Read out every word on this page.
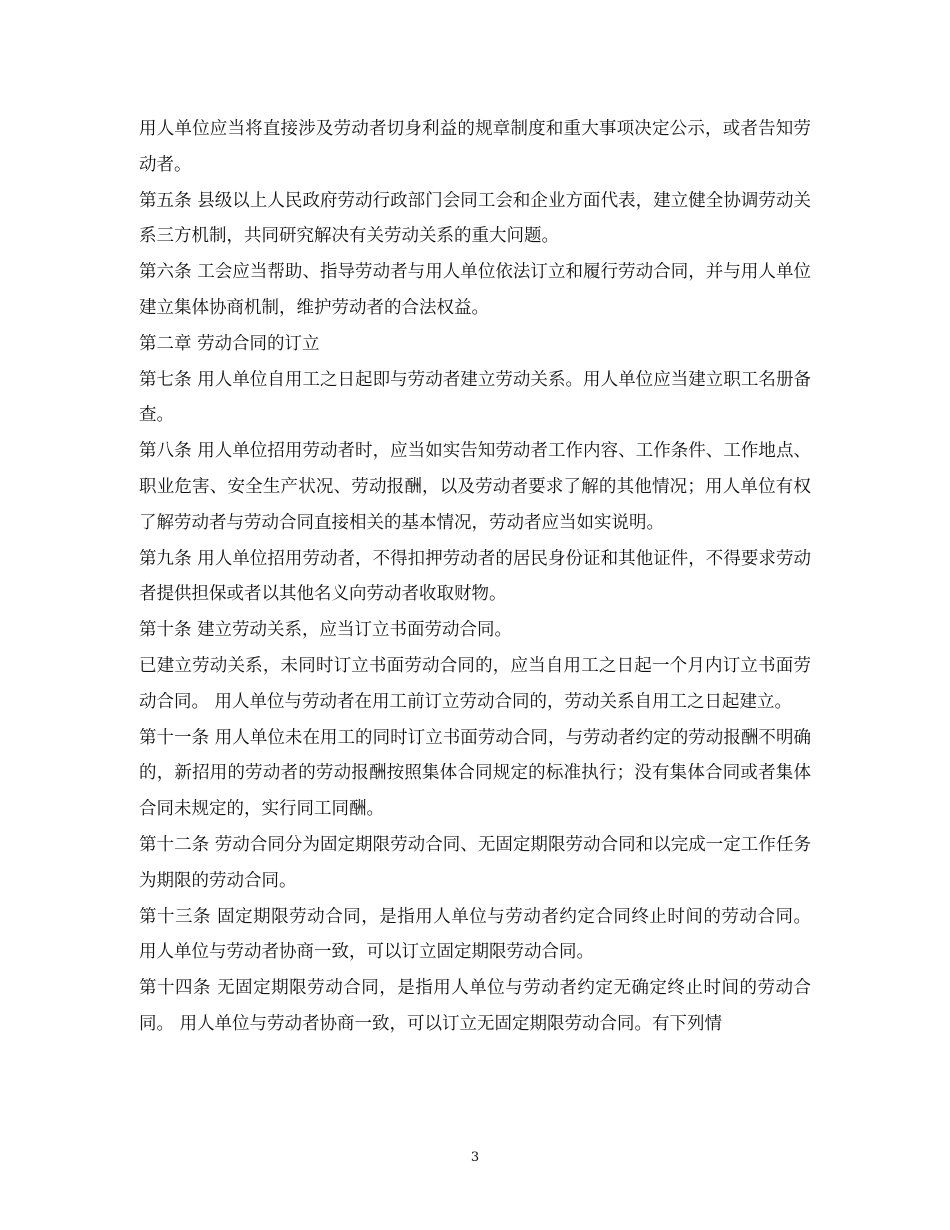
用人单位应当将直接涉及劳动者切身利益的规章制度和重大事项决定公示，或者告知劳动者。

第五条 县级以上人民政府劳动行政部门会同工会和企业方面代表，建立健全协调劳动关系三方机制，共同研究解决有关劳动关系的重大问题。

第六条 工会应当帮助、指导劳动者与用人单位依法订立和履行劳动合同，并与用人单位建立集体协商机制，维护劳动者的合法权益。

第二章 劳动合同的订立

第七条 用人单位自用工之日起即与劳动者建立劳动关系。用人单位应当建立职工名册备查。

第八条 用人单位招用劳动者时，应当如实告知劳动者工作内容、工作条件、工作地点、职业危害、安全生产状况、劳动报酬，以及劳动者要求了解的其他情况；用人单位有权了解劳动者与劳动合同直接相关的基本情况，劳动者应当如实说明。

第九条 用人单位招用劳动者，不得扣押劳动者的居民身份证和其他证件，不得要求劳动者提供担保或者以其他名义向劳动者收取财物。

第十条 建立劳动关系，应当订立书面劳动合同。

已建立劳动关系，未同时订立书面劳动合同的，应当自用工之日起一个月内订立书面劳动合同。 用人单位与劳动者在用工前订立劳动合同的，劳动关系自用工之日起建立。

第十一条 用人单位未在用工的同时订立书面劳动合同，与劳动者约定的劳动报酬不明确的，新招用的劳动者的劳动报酬按照集体合同规定的标准执行；没有集体合同或者集体合同未规定的，实行同工同酬。

第十二条 劳动合同分为固定期限劳动合同、无固定期限劳动合同和以完成一定工作任务为期限的劳动合同。

第十三条 固定期限劳动合同，是指用人单位与劳动者约定合同终止时间的劳动合同。 用人单位与劳动者协商一致，可以订立固定期限劳动合同。

第十四条 无固定期限劳动合同，是指用人单位与劳动者约定无确定终止时间的劳动合同。 用人单位与劳动者协商一致，可以订立无固定期限劳动合同。有下列情

3
